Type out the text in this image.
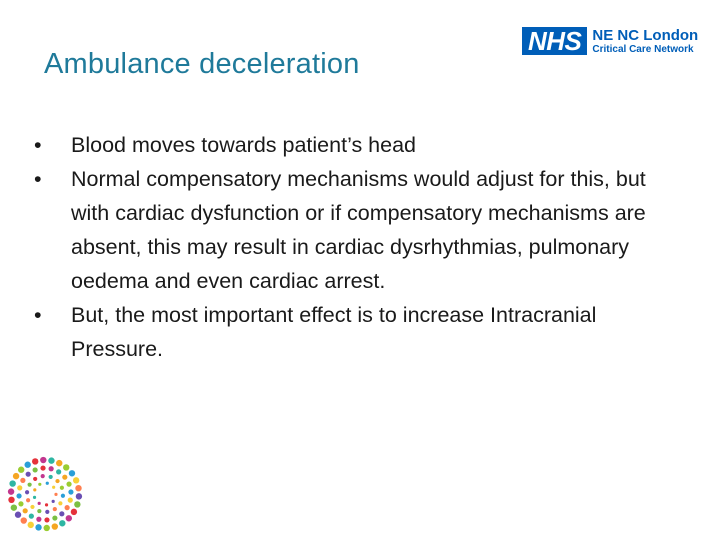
Ambulance deceleration
NHS NE NC London
Critical Care Network
•
Blood moves towards patient’s head
•
Normal compensatory mechanisms would adjust for this, but with cardiac dysfunction or if compensatory mechanisms are absent, this may result in cardiac dysrhythmias, pulmonary oedema and even cardiac arrest.
•
But, the most important effect is to increase Intracranial Pressure.
